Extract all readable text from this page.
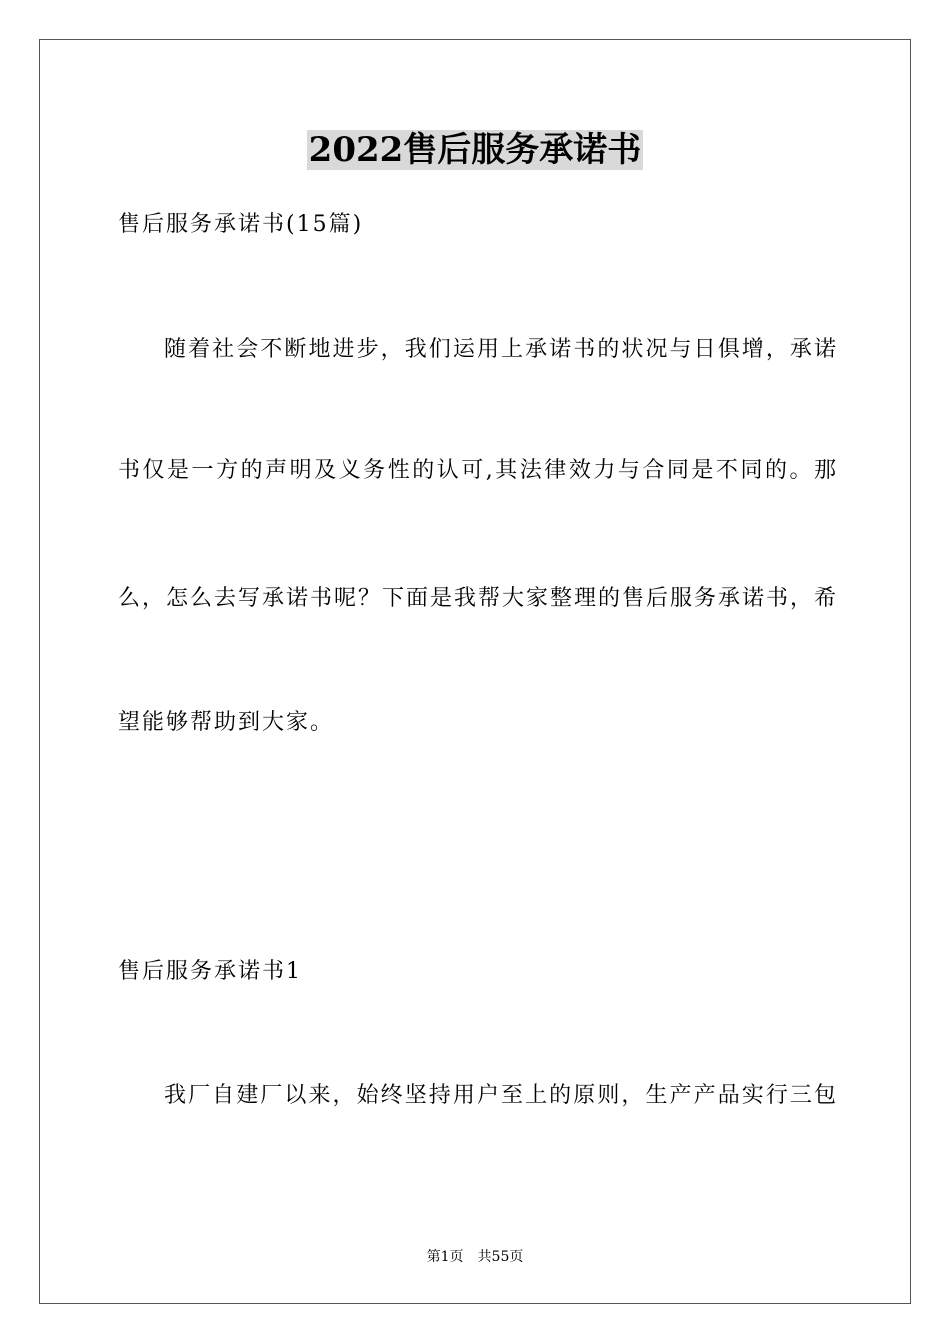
2022售后服务承诺书
售后服务承诺书(15篇)
随着社会不断地进步，我们运用上承诺书的状况与日俱增，承诺
书仅是一方的声明及义务性的认可,其法律效力与合同是不同的。那
么，怎么去写承诺书呢？下面是我帮大家整理的售后服务承诺书，希
望能够帮助到大家。
售后服务承诺书1
我厂自建厂以来，始终坚持用户至上的原则，生产产品实行三包
第1页　共55页
